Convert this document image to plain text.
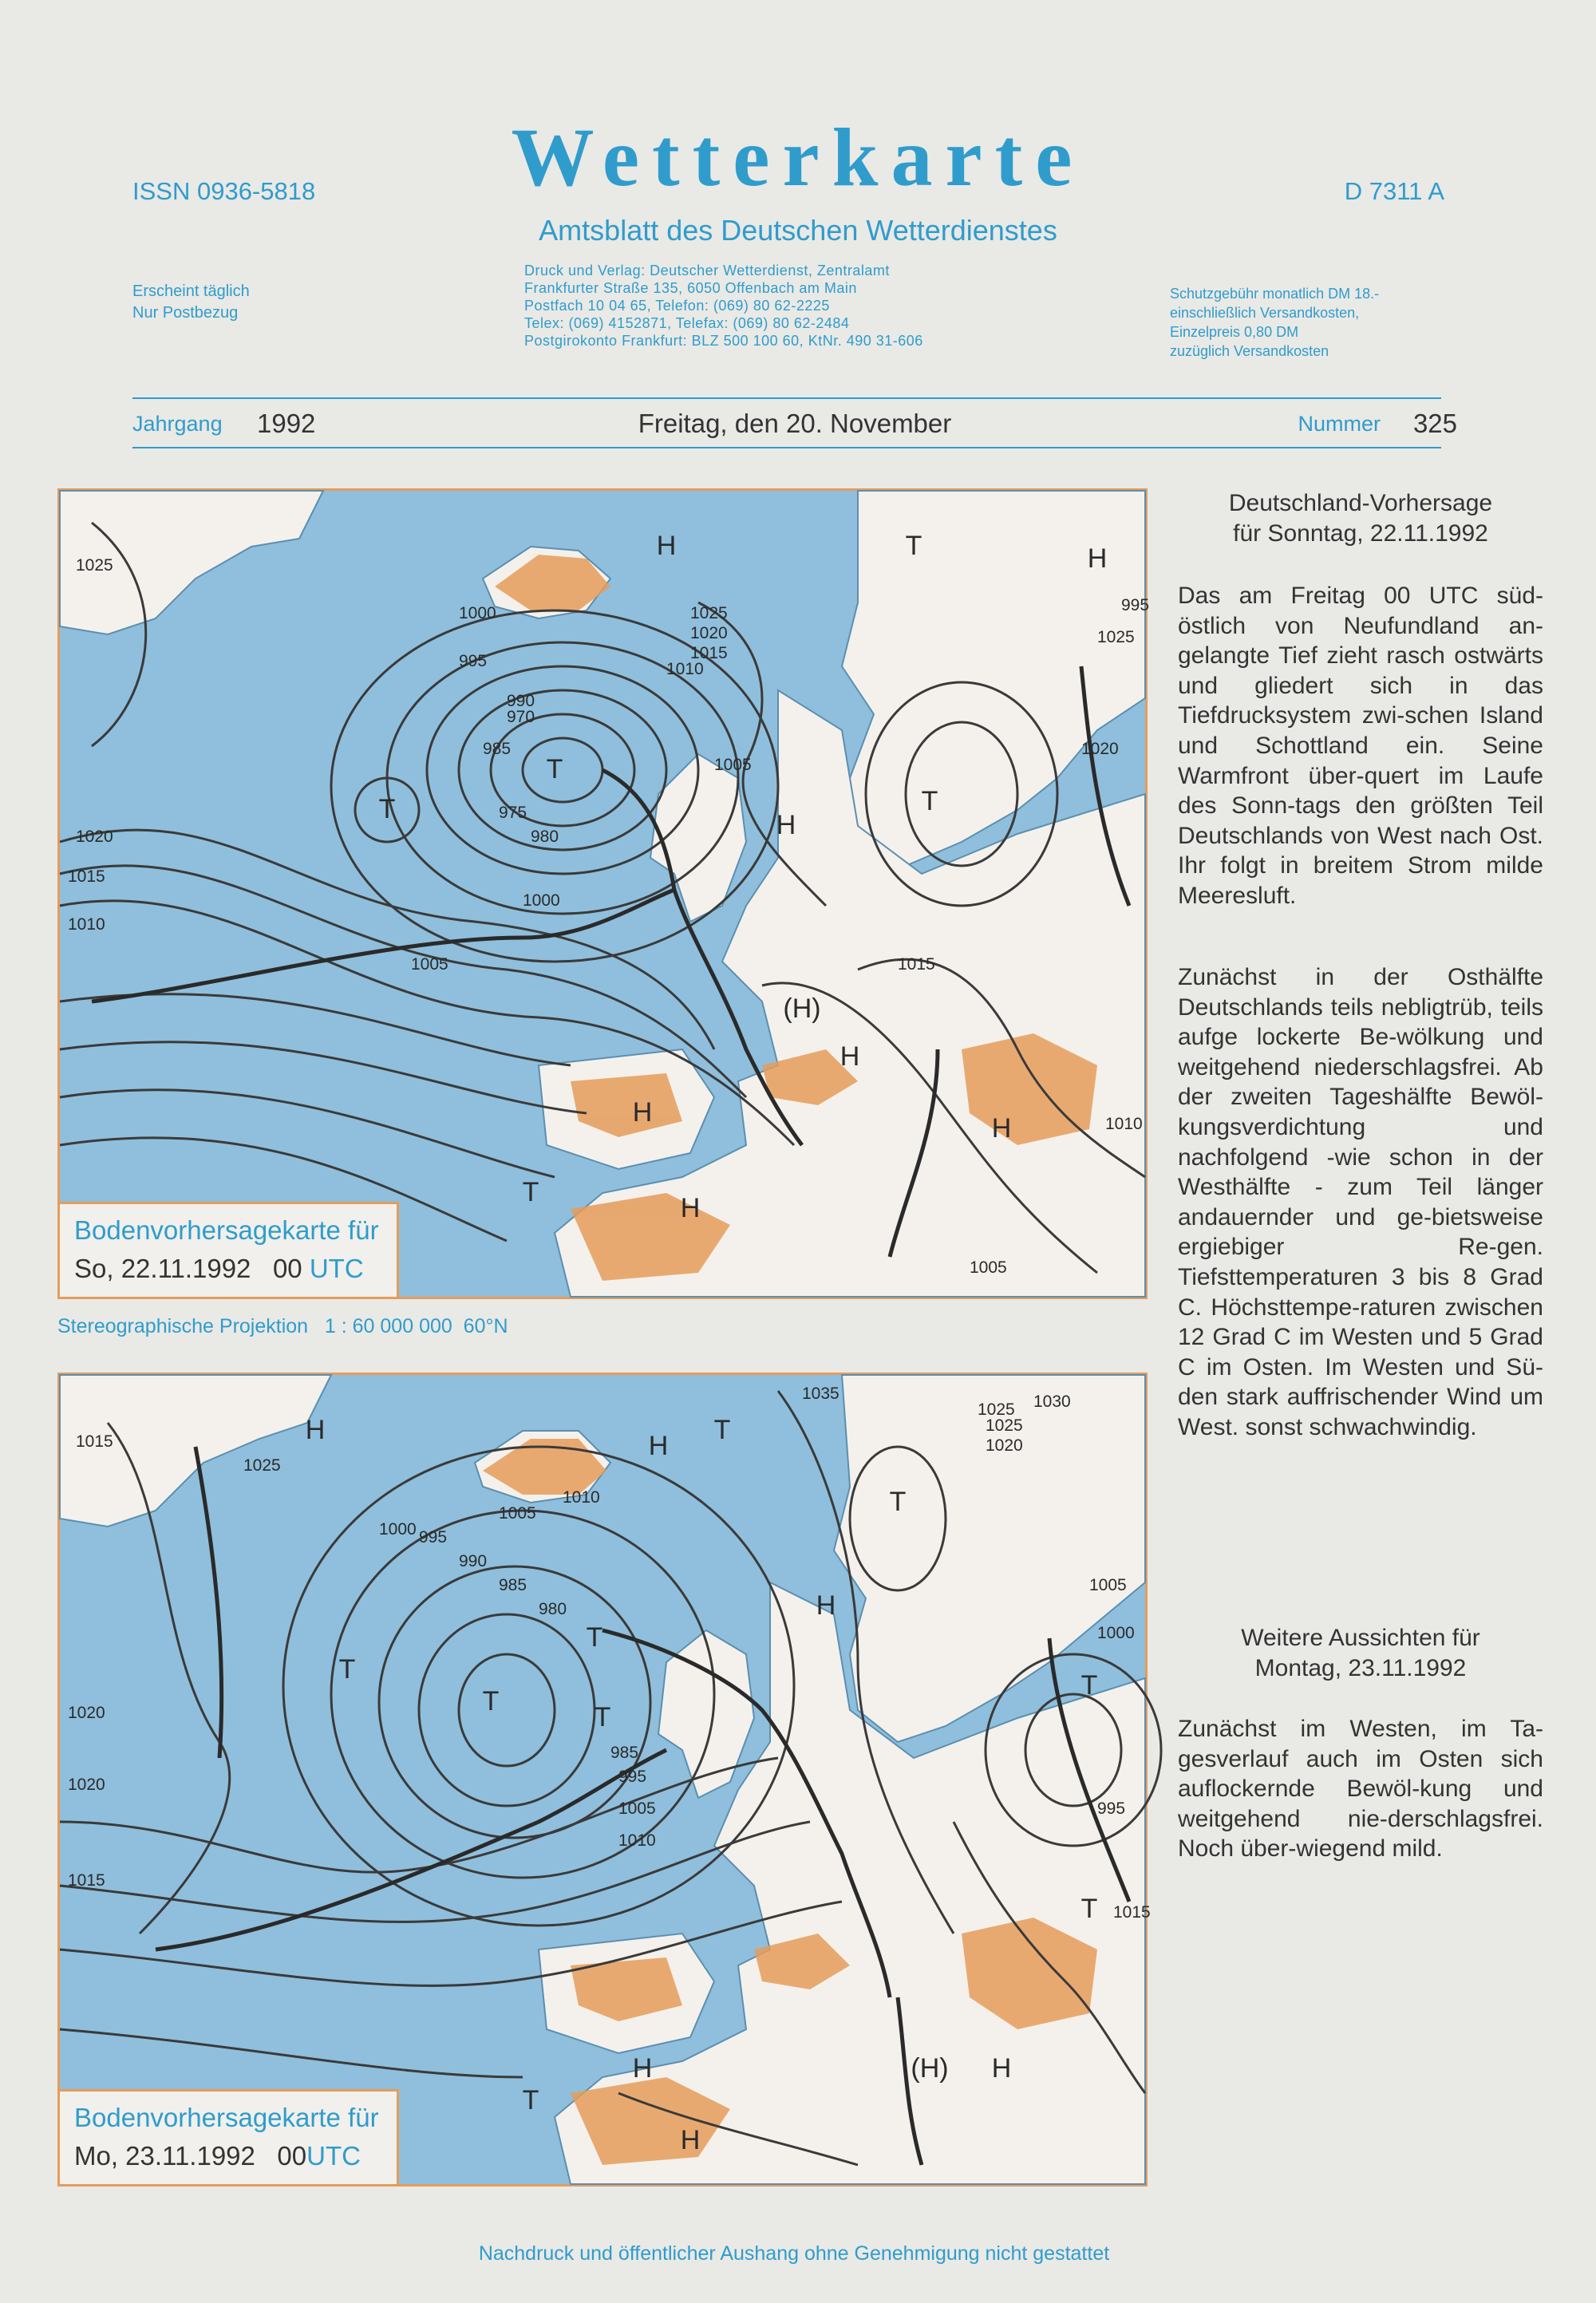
ISSN 0936-5818	Wetterkarte	D 7311 A
Amtsblatt des Deutschen Wetterdienstes
Erscheint täglich
Nur Postbezug
Druck und Verlag: Deutscher Wetterdienst, Zentralamt
Frankfurter Straße 135, 6050 Offenbach am Main
Postfach 10 04 65, Telefon: (069) 80 62-2225
Telex: (069) 4152871, Telefax: (069) 80 62-2484
Postgirokonto Frankfurt: BLZ 500 100 60, KtNr. 490 31-606
Schutzgebühr monatlich DM 18.-
einschließlich Versandkosten,
Einzelpreis 0,80 DM
zuzüglich Versandkosten
Jahrgang 1992	Freitag, den 20. November	Nummer 325
H	H
T
T
H
T
(H)
H
H
H
T
H
T
1025
1020
1015
1010
1005
1000
995
990
985
980
975
970
1025
1020
1015
1010
1005
1000	995
1025
1020
1015
1010
1005
Bodenvorhersagekarte für
So, 22.11.1992 00 UTC
Stereographische Projektion   1 : 60 000 000  60°N
H
H
T
T
T
T
H
T
T
H	(H) H
H
T
T
T
1015
1020
1025
1000 995
990
985
980
1005
1010
1015
1020
1025 1030
1035
1005
1000
995
985
995
1005
1010
1015
1025
1020
Bodenvorhersagekarte für
Mo, 23.11.1992 00UTC
Deutschland-Vorhersage
für Sonntag, 22.11.1992
Das am Freitag 00 UTC süd-östlich von Neufundland an-gelangte Tief zieht rasch ostwärts und gliedert sich in das Tiefdrucksystem zwi-schen Island und Schottland ein. Seine Warmfront über-quert im Laufe des Sonn-tags den größten Teil Deutschlands von West nach Ost. Ihr folgt in breitem Strom milde Meeresluft.
Zunächst in der Osthälfte Deutschlands teils nebligtrüb, teils aufge lockerte Be-wölkung und weitgehend niederschlagsfrei. Ab der zweiten Tageshälfte Bewöl-kungsverdichtung und nachfolgend -wie schon in der Westhälfte - zum Teil länger andauernder und ge-bietsweise ergiebiger Re-gen. Tiefsttemperaturen 3 bis 8 Grad C. Höchsttempe-raturen zwischen 12 Grad C im Westen und 5 Grad C im Osten. Im Westen und Sü-den stark auffrischender Wind um West. sonst schwachwindig.
Weitere Aussichten für
Montag, 23.11.1992
Zunächst im Westen, im Ta-gesverlauf auch im Osten sich auflockernde Bewöl-kung und weitgehend nie-derschlagsfrei. Noch über-wiegend mild.
Nachdruck und öffentlicher Aushang ohne Genehmigung nicht gestattet
